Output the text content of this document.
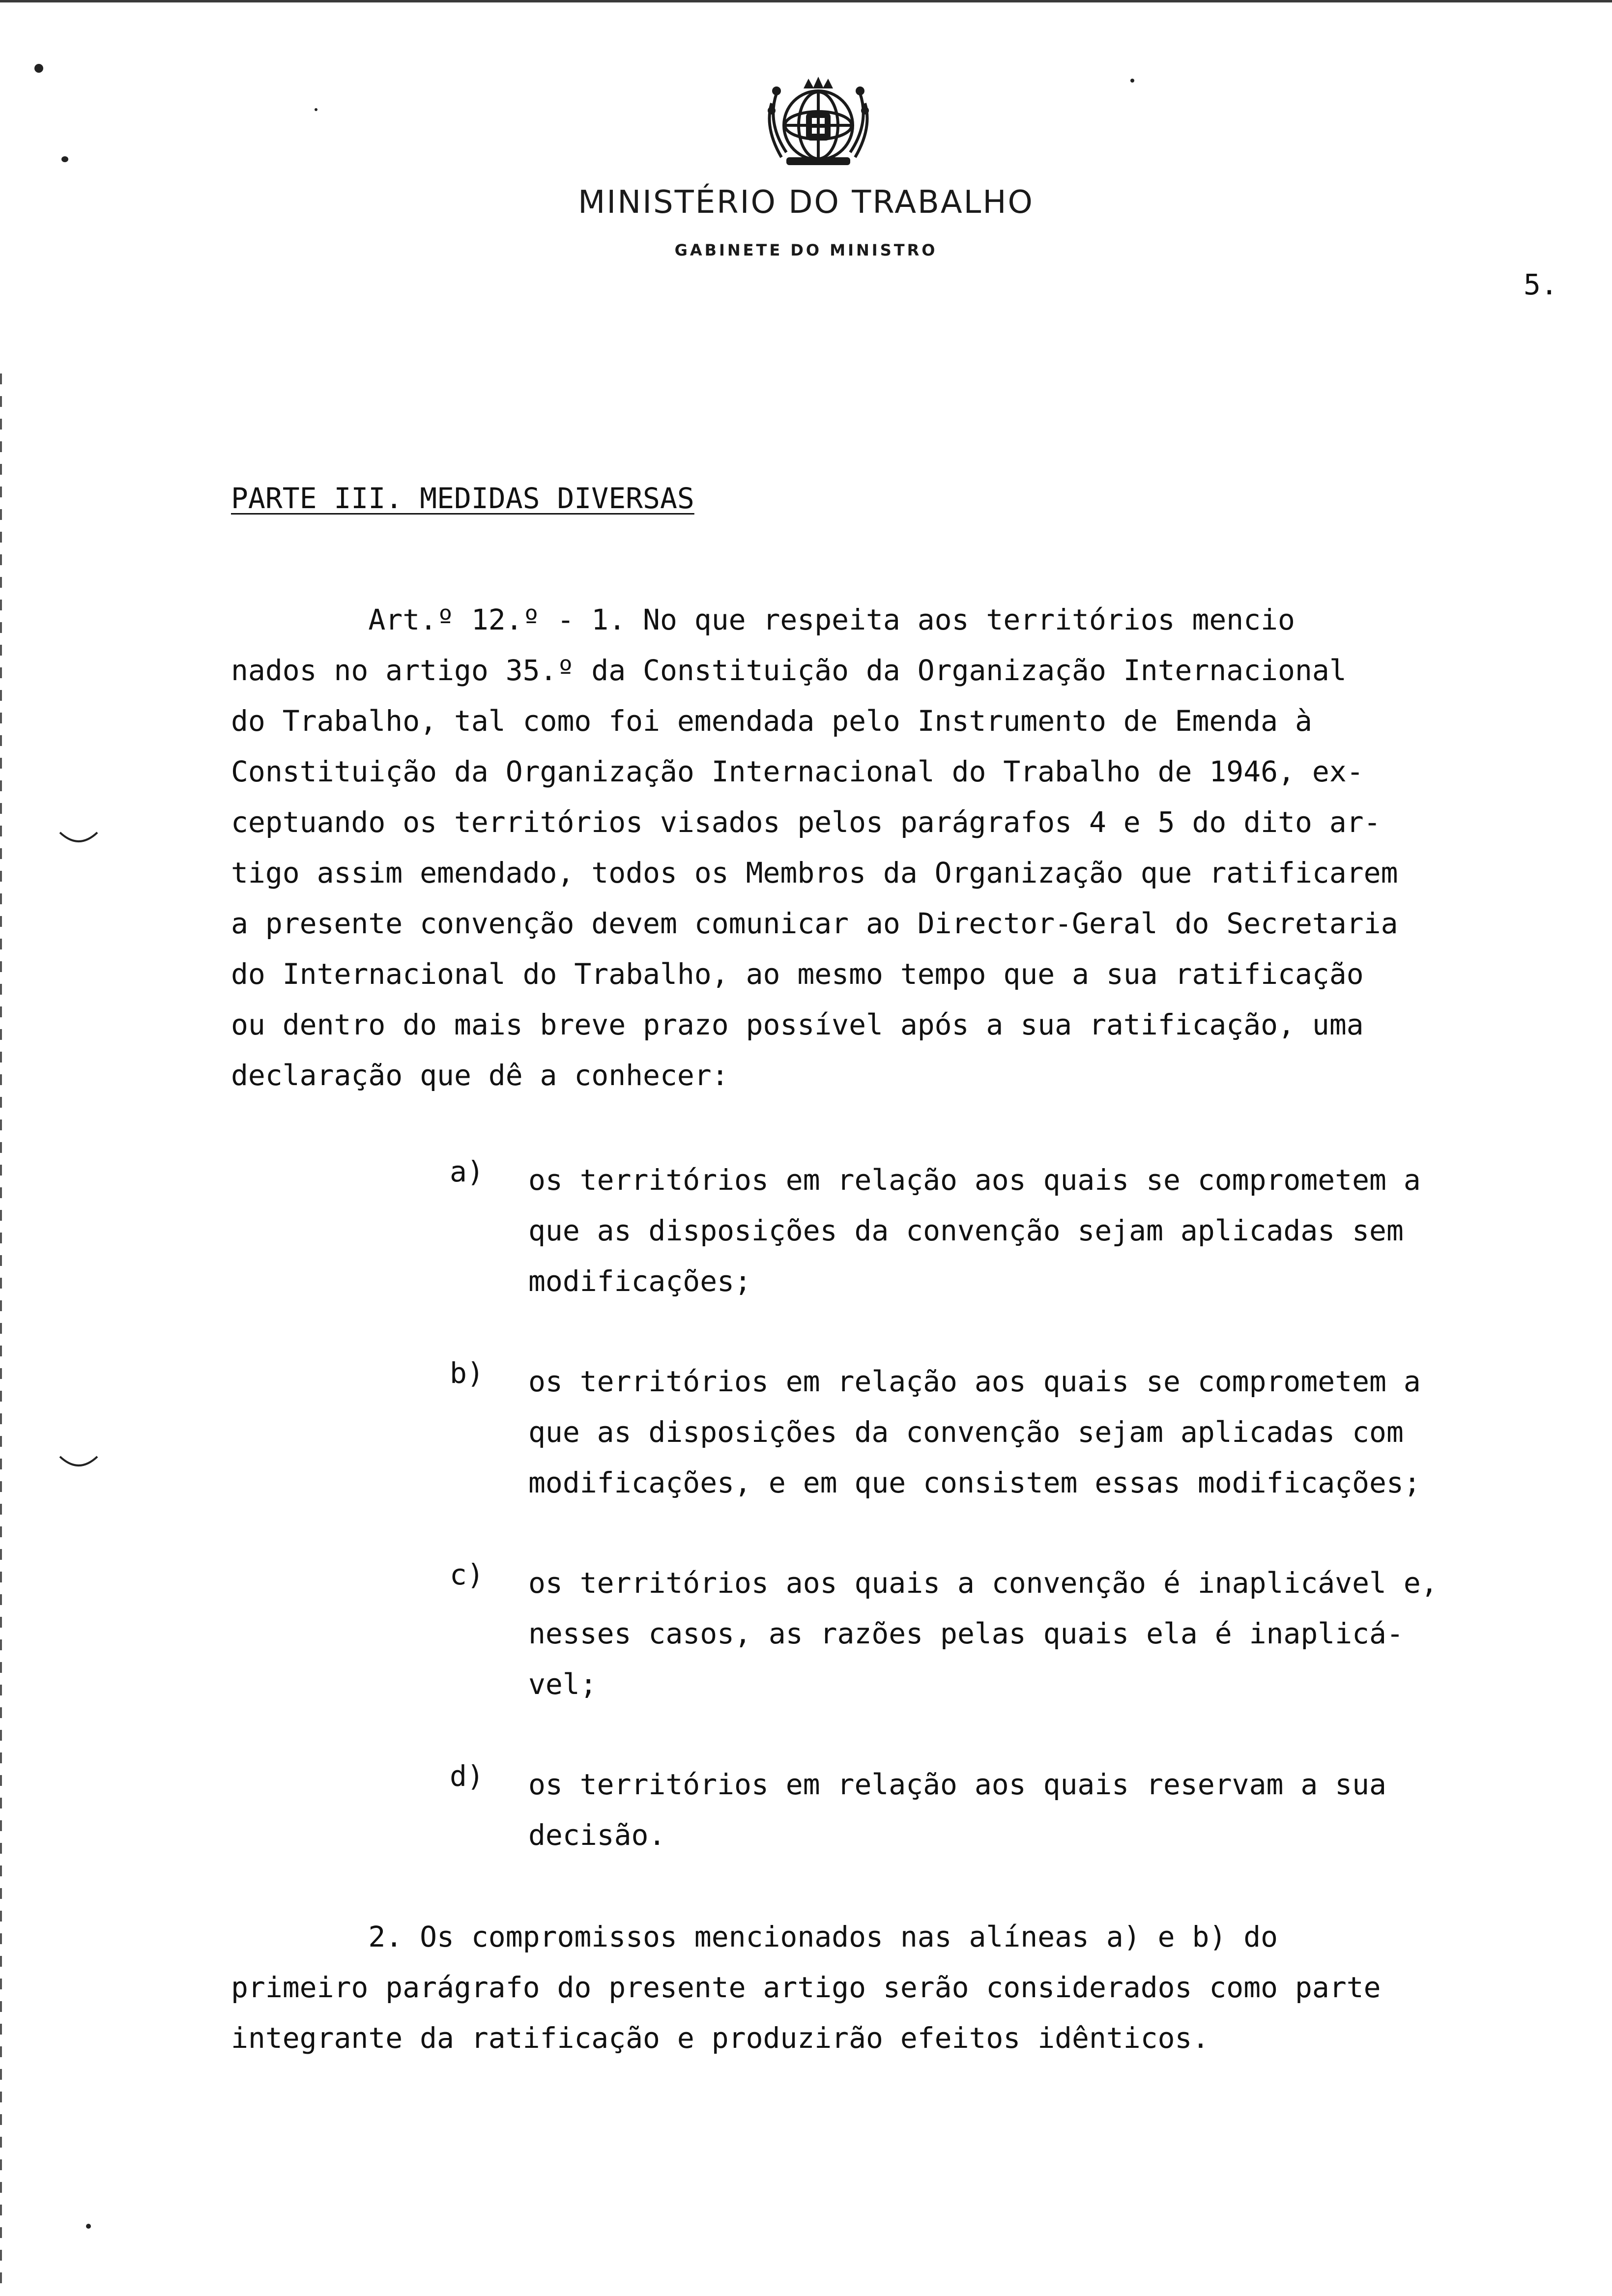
MINISTÉRIO DO TRABALHO
GABINETE DO MINISTRO
5.
PARTE III. MEDIDAS DIVERSAS
Art.º 12.º - 1. No que respeita aos territórios mencio
nados no artigo 35.º da Constituição da Organização Internacional
do Trabalho, tal como foi emendada pelo Instrumento de Emenda à
Constituição da Organização Internacional do Trabalho de 1946, ex-
ceptuando os territórios visados pelos parágrafos 4 e 5 do dito ar-
tigo assim emendado, todos os Membros da Organização que ratificarem
a presente convenção devem comunicar ao Director-Geral do Secretaria
do Internacional do Trabalho, ao mesmo tempo que a sua ratificação
ou dentro do mais breve prazo possível após a sua ratificação, uma
declaração que dê a conhecer:
a) os territórios em relação aos quais se comprometem a
que as disposições da convenção sejam aplicadas sem
modificações;
b) os territórios em relação aos quais se comprometem a
que as disposições da convenção sejam aplicadas com
modificações, e em que consistem essas modificações;
c) os territórios aos quais a convenção é inaplicável e,
nesses casos, as razões pelas quais ela é inaplicá-
vel;
d) os territórios em relação aos quais reservam a sua
decisão.
2. Os compromissos mencionados nas alíneas a) e b) do
primeiro parágrafo do presente artigo serão considerados como parte
integrante da ratificação e produzirão efeitos idênticos.
